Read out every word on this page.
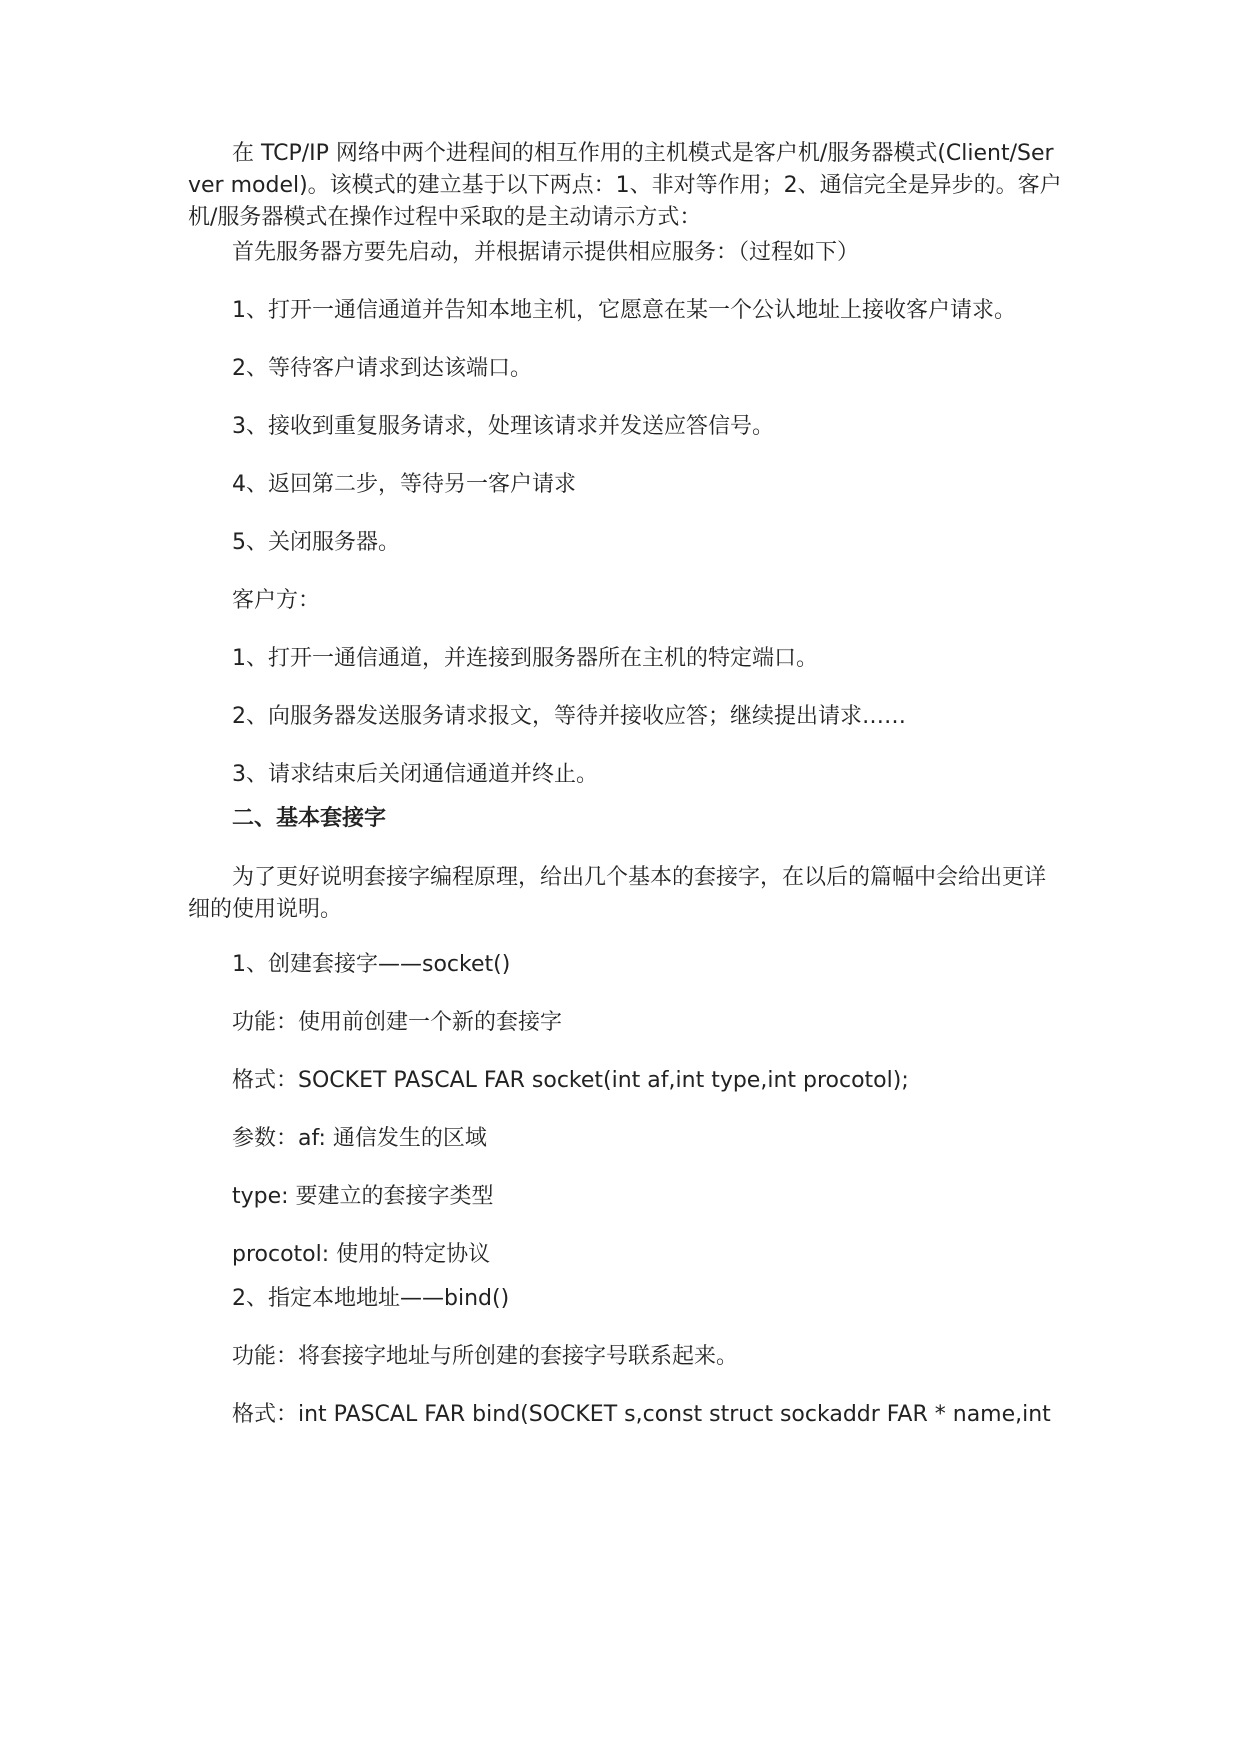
在 TCP/IP 网络中两个进程间的相互作用的主机模式是客户机/服务器模式(Client/Server model)。该模式的建立基于以下两点：1、非对等作用；2、通信完全是异步的。客户机/服务器模式在操作过程中采取的是主动请示方式：

首先服务器方要先启动，并根据请示提供相应服务：（过程如下）

1、打开一通信通道并告知本地主机，它愿意在某一个公认地址上接收客户请求。

2、等待客户请求到达该端口。

3、接收到重复服务请求，处理该请求并发送应答信号。

4、返回第二步，等待另一客户请求

5、关闭服务器。

客户方：

1、打开一通信通道，并连接到服务器所在主机的特定端口。

2、向服务器发送服务请求报文，等待并接收应答；继续提出请求……

3、请求结束后关闭通信通道并终止。

二、基本套接字

为了更好说明套接字编程原理，给出几个基本的套接字，在以后的篇幅中会给出更详细的使用说明。

1、创建套接字——socket()

功能：使用前创建一个新的套接字

格式：SOCKET PASCAL FAR socket(int af,int type,int procotol);

参数：af: 通信发生的区域

type: 要建立的套接字类型

procotol: 使用的特定协议

2、指定本地地址——bind()

功能：将套接字地址与所创建的套接字号联系起来。

格式：int PASCAL FAR bind(SOCKET s,const struct sockaddr FAR * name,int
